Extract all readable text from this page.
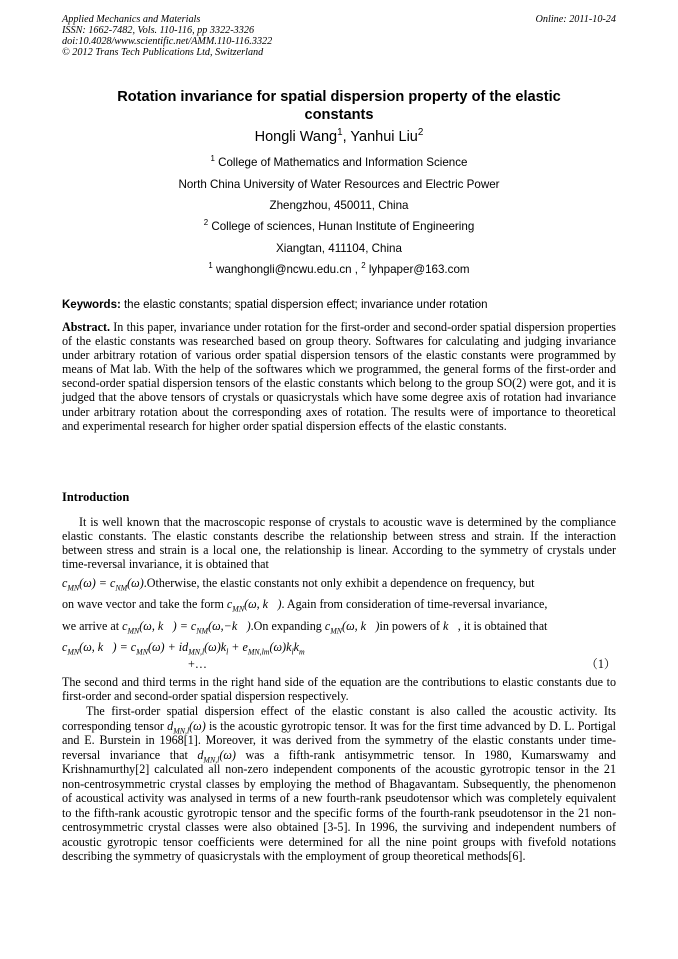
Applied Mechanics and Materials
ISSN: 1662-7482, Vols. 110-116, pp 3322-3326
doi:10.4028/www.scientific.net/AMM.110-116.3322
© 2012 Trans Tech Publications Ltd, Switzerland
Online: 2011-10-24
Rotation invariance for spatial dispersion property of the elastic
constants
Hongli Wang$^1$, Yanhui Liu$^2$
$^1$ College of Mathematics and Information Science
North China University of Water Resources and Electric Power
Zhengzhou, 450011, China
$^2$ College of sciences, Hunan Institute of Engineering
Xiangtan, 411104, China
$^1$ wanghongli@ncwu.edu.cn , $^2$ lyhpaper@163.com
Keywords: the elastic constants; spatial dispersion effect; invariance under rotation
Abstract. In this paper, invariance under rotation for the first-order and second-order spatial dispersion properties of the elastic constants was researched based on group theory. Softwares for calculating and judging invariance under arbitrary rotation of various order spatial dispersion tensors of the elastic constants were programmed by means of Mat lab. With the help of the softwares which we programmed, the general forms of the first-order and second-order spatial dispersion tensors of the elastic constants which belong to the group SO(2) were got, and it is judged that the above tensors of crystals or quasicrystals which have some degree axis of rotation had invariance under arbitrary rotation about the corresponding axes of rotation. The results were of importance to theoretical and experimental research for higher order spatial dispersion effects of the elastic constants.
Introduction
It is well known that the macroscopic response of crystals to acoustic wave is determined by the compliance elastic constants. The elastic constants describe the relationship between stress and strain. If the interaction between stress and strain is a local one, the relationship is linear. According to the symmetry of crystals under time-reversal invariance, it is obtained that
$c_{MN}(\omega)$ = $c_{NM}(\omega).Otherwise$, the elastic constants not only exhibit a dependence on frequency, but
on wave vector and take the form $c_{MN}(\omega$, k⃗). Again from consideration of time-reversal invariance,
we arrive at $c_{MN}(\omega$, k⃗) = $c_{NM}(\omega,-k⃗).On$ expanding $c_{MN}(\omega$, k⃗)in powers of k⃗, it is obtained that
$c_{MN}(\omega$, k⃗) = $c_{MN}(\omega) + id_{MN,l}(\omega)k_l + e_{MN,lm}(\omega)k_lk_m$
+…	（1）
The second and third terms in the right hand side of the equation are the contributions to elastic constants due to first-order and second-order spatial dispersion respectively.
The first-order spatial dispersion effect of the elastic constant is also called the acoustic activity. Its corresponding tensor $d_{MN,l}(\omega)$ is the acoustic gyrotropic tensor. It was for the first time advanced by D. L. Portigal and E. Burstein in 1968[1]. Moreover, it was derived from the symmetry of the elastic constants under time-reversal invariance that $d_{MN,l}(\omega)$ was a fifth-rank antisymmetric tensor. In 1980, Kumarswamy and Krishnamurthy[2] calculated all non-zero independent components of the acoustic gyrotropic tensor in the 21 non-centrosymmetric crystal classes by employing the method of Bhagavantam. Subsequently, the phenomenon of acoustical activity was analysed in terms of a new fourth-rank pseudotensor which was completely equivalent to the fifth-rank acoustic gyrotropic tensor and the specific forms of the fourth-rank pseudotensor in the 21 non-centrosymmetric crystal classes were also obtained [3-5]. In 1996, the surviving and independent numbers of acoustic gyrotropic tensor coefficients were determined for all the nine point groups with fivefold notations describing the symmetry of quasicrystals with the employment of group theoretical methods[6].
